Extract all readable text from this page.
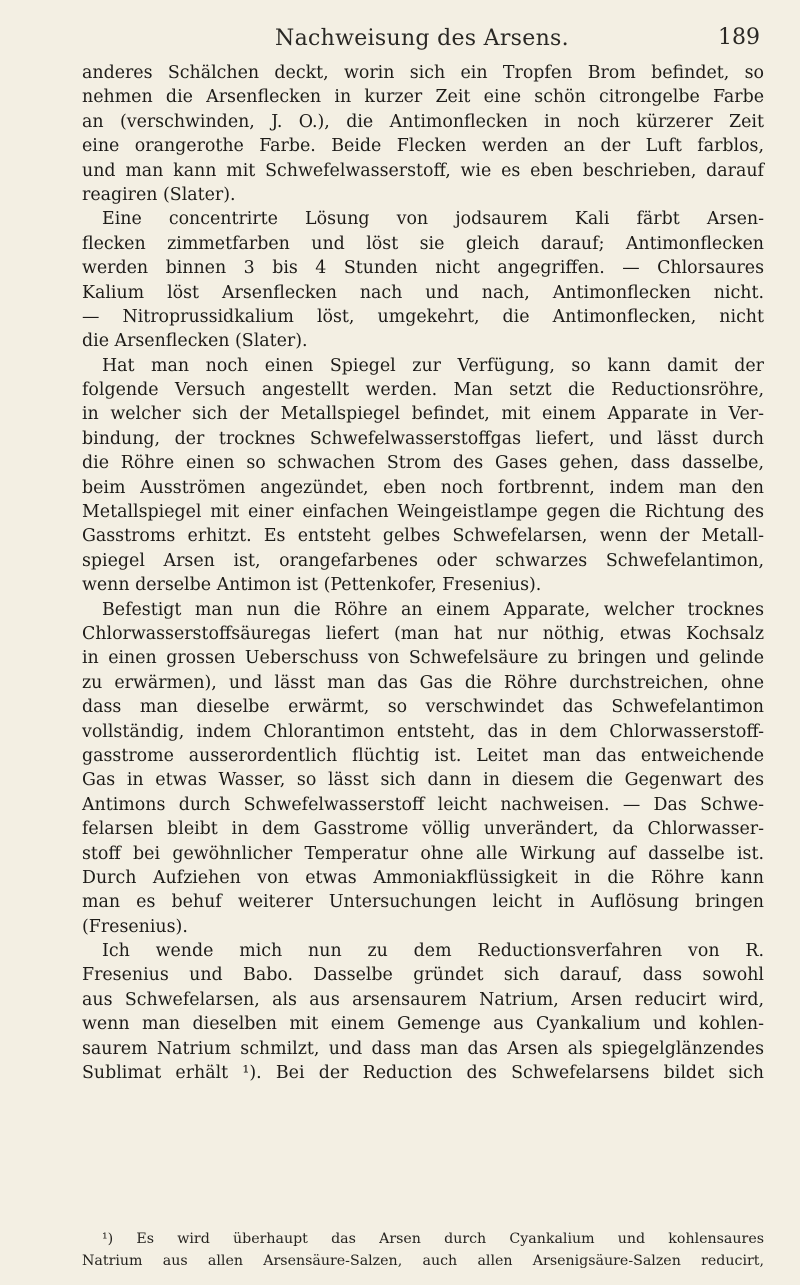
Nachweisung des Arsens.	189
anderes Schälchen deckt, worin sich ein Tropfen Brom befindet, so
nehmen die Arsenflecken in kurzer Zeit eine schön citrongelbe Farbe
an (verschwinden, J. O.), die Antimonflecken in noch kürzerer Zeit
eine orangerothe Farbe. Beide Flecken werden an der Luft farblos,
und man kann mit Schwefelwasserstoff, wie es eben beschrieben, darauf
reagiren (Slater).
Eine concentrirte Lösung von jodsaurem Kali färbt Arsen-
flecken zimmetfarben und löst sie gleich darauf; Antimonflecken
werden binnen 3 bis 4 Stunden nicht angegriffen. — Chlorsaures
Kalium löst Arsenflecken nach und nach, Antimonflecken nicht.
— Nitroprussidkalium löst, umgekehrt, die Antimonflecken, nicht
die Arsenflecken (Slater).
Hat man noch einen Spiegel zur Verfügung, so kann damit der
folgende Versuch angestellt werden. Man setzt die Reductionsröhre,
in welcher sich der Metallspiegel befindet, mit einem Apparate in Ver-
bindung, der trocknes Schwefelwasserstoffgas liefert, und lässt durch
die Röhre einen so schwachen Strom des Gases gehen, dass dasselbe,
beim Ausströmen angezündet, eben noch fortbrennt, indem man den
Metallspiegel mit einer einfachen Weingeistlampe gegen die Richtung des
Gasstroms erhitzt. Es entsteht gelbes Schwefelarsen, wenn der Metall-
spiegel Arsen ist, orangefarbenes oder schwarzes Schwefelantimon,
wenn derselbe Antimon ist (Pettenkofer, Fresenius).
Befestigt man nun die Röhre an einem Apparate, welcher trocknes
Chlorwasserstoffsäuregas liefert (man hat nur nöthig, etwas Kochsalz
in einen grossen Ueberschuss von Schwefelsäure zu bringen und gelinde
zu erwärmen), und lässt man das Gas die Röhre durchstreichen, ohne
dass man dieselbe erwärmt, so verschwindet das Schwefelantimon
vollständig, indem Chlorantimon entsteht, das in dem Chlorwasserstoff-
gasstrome ausserordentlich flüchtig ist. Leitet man das entweichende
Gas in etwas Wasser, so lässt sich dann in diesem die Gegenwart des
Antimons durch Schwefelwasserstoff leicht nachweisen. — Das Schwe-
felarsen bleibt in dem Gasstrome völlig unverändert, da Chlorwasser-
stoff bei gewöhnlicher Temperatur ohne alle Wirkung auf dasselbe ist.
Durch Aufziehen von etwas Ammoniakflüssigkeit in die Röhre kann
man es behuf weiterer Untersuchungen leicht in Auflösung bringen
(Fresenius).
Ich wende mich nun zu dem Reductionsverfahren von R.
Fresenius und Babo. Dasselbe gründet sich darauf, dass sowohl
aus Schwefelarsen, als aus arsensaurem Natrium, Arsen reducirt wird,
wenn man dieselben mit einem Gemenge aus Cyankalium und kohlen-
saurem Natrium schmilzt, und dass man das Arsen als spiegelglänzendes
Sublimat erhält ¹). Bei der Reduction des Schwefelarsens bildet sich
¹) Es wird überhaupt das Arsen durch Cyankalium und kohlensaures
Natrium aus allen Arsensäure-Salzen, auch allen Arsenigsäure-Salzen reducirt,
